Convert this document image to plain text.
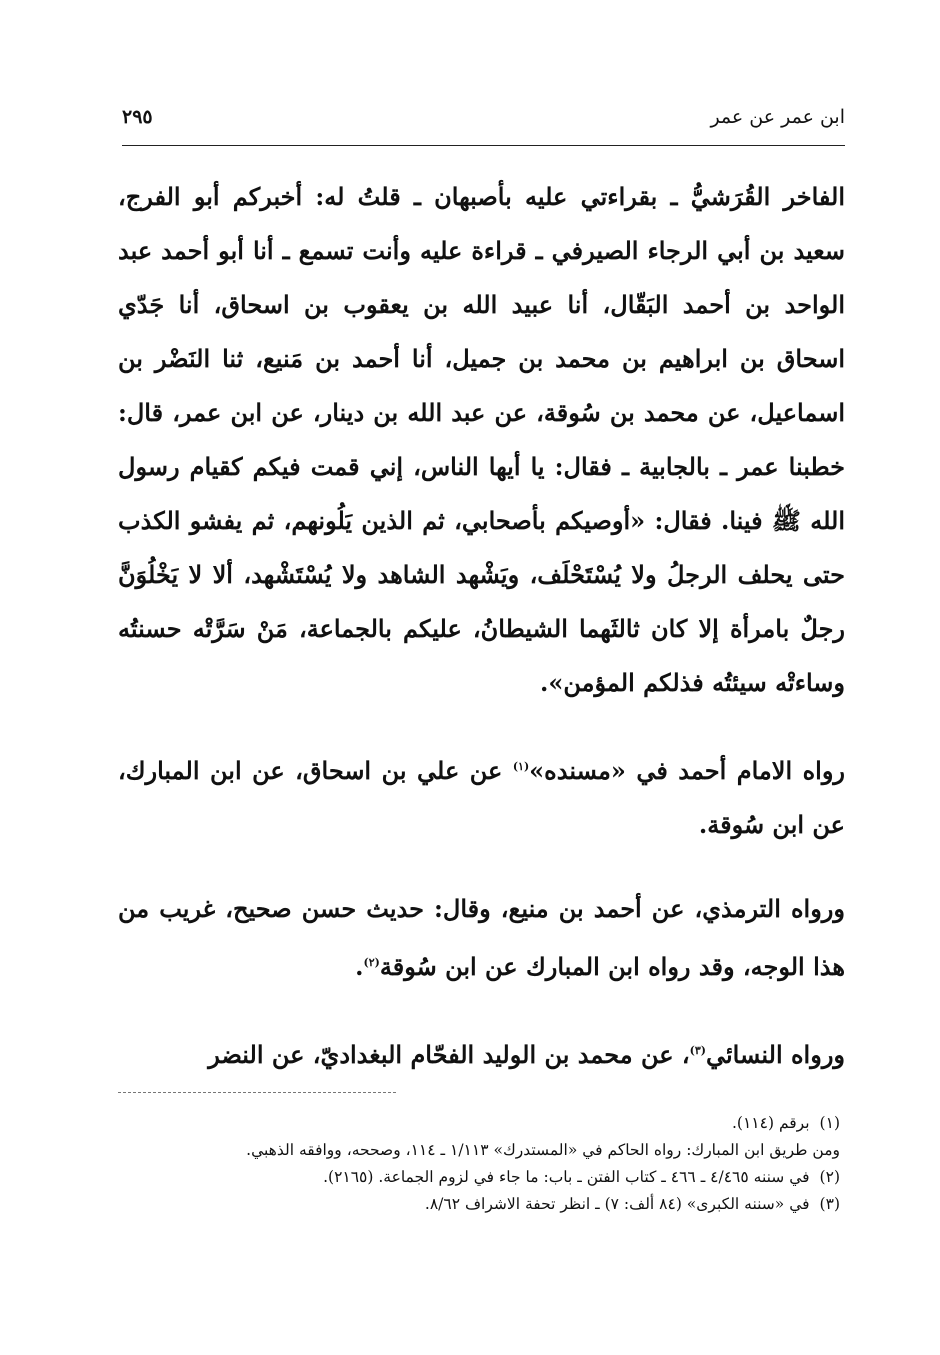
ابن عمر عن عمر
٢٩٥

الفاخر القُرَشيُّ ـ بقراءتي عليه بأصبهان ـ قلتُ له: أخبركم أبو الفرج، سعيد بن أبي الرجاء الصيرفي ـ قراءة عليه وأنت تسمع ـ أنا أبو أحمد عبد الواحد بن أحمد البَقّال، أنا عبيد الله بن يعقوب بن اسحاق، أنا جَدّي اسحاق بن ابراهيم بن محمد بن جميل، أنا أحمد بن مَنيع، ثنا النَضْر بن اسماعيل، عن محمد بن سُوقة، عن عبد الله بن دينار، عن ابن عمر، قال: خطبنا عمر ـ بالجابية ـ فقال: يا أيها الناس، إني قمت فيكم كقيام رسول الله ﷺ فينا. فقال: «أوصيكم بأصحابي، ثم الذين يَلُونهم، ثم يفشو الكذب حتى يحلف الرجلُ ولا يُسْتَحْلَف، ويَشْهد الشاهد ولا يُسْتَشْهد، ألا لا يَخْلُوَنَّ رجلٌ بامرأة إلا كان ثالثَهما الشيطانُ، عليكم بالجماعة، مَنْ سَرَّتْه حسنتُه وساءتْه سيئتُه فذلكم المؤمن».

رواه الامام أحمد في «مسنده»$^{(١)}$ عن علي بن اسحاق، عن ابن المبارك، عن ابن سُوقة.

ورواه الترمذي، عن أحمد بن منيع، وقال: حديث حسن صحيح، غريب من هذا الوجه، وقد رواه ابن المبارك عن ابن سُوقة$^{(٢)}$.

ورواه النسائي$^{(٣)}$، عن محمد بن الوليد الفحّام البغداديّ، عن النضر

(١)برقم (١١٤).

ومن طريق ابن المبارك: رواه الحاكم في «المستدرك» ١/١١٣ ـ ١١٤، وصححه، ووافقه الذهبي.

(٢)في سننه ٤/٤٦٥ ـ ٤٦٦ ـ كتاب الفتن ـ باب: ما جاء في لزوم الجماعة. (٢١٦٥).

(٣)في «سننه الكبرى» (٨٤ ألف: ٧) ـ انظر تحفة الاشراف ٨/٦٢.
